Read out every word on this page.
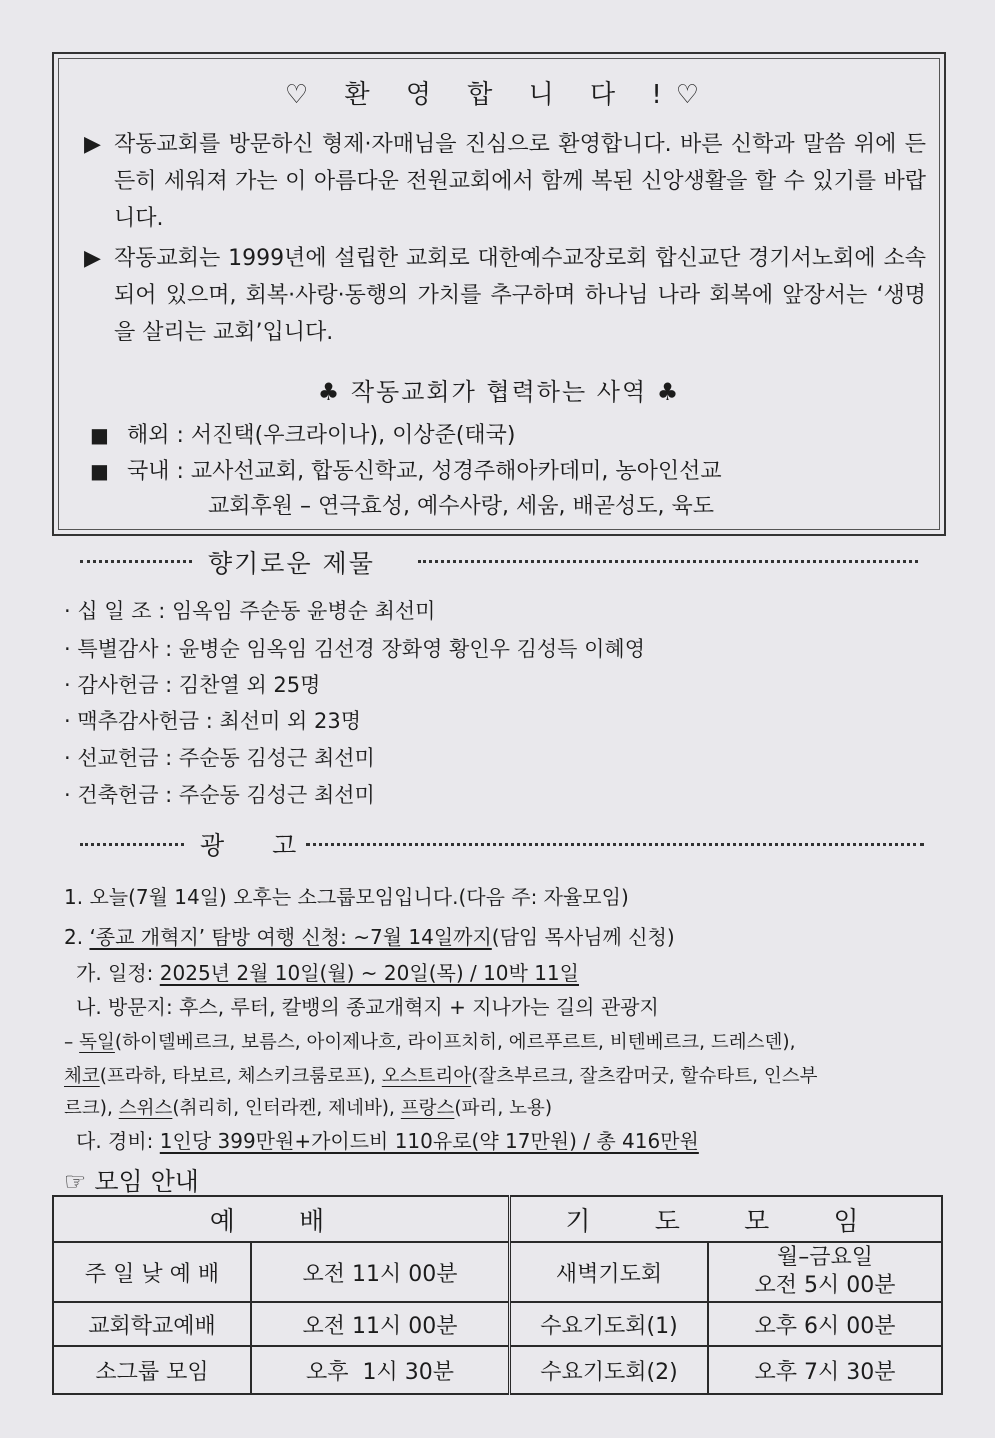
♡ 환 영 합 니 다 !♡
▶ 작동교회를 방문하신 형제·자매님을 진심으로 환영합니다. 바른 신학과 말씀 위에 든든히 세워져 가는 이 아름다운 전원교회에서 함께 복된 신앙생활을 할 수 있기를 바랍니다.
▶ 작동교회는 1999년에 설립한 교회로 대한예수교장로회 합신교단 경기서노회에 소속되어 있으며, 회복·사랑·동행의 가치를 추구하며 하나님 나라 회복에 앞장서는 ‘생명을 살리는 교회’입니다.
♣ 작동교회가 협력하는 사역 ♣
■ 해외 : 서진택(우크라이나), 이상준(태국)
■ 국내 : 교사선교회, 합동신학교, 성경주해아카데미, 농아인선교
교회후원 – 연극효성, 예수사랑, 세움, 배곧성도, 육도
향기로운 제물
· 십 일 조 : 임옥임 주순동 윤병순 최선미
· 특별감사 : 윤병순 임옥임 김선경 장화영 황인우 김성득 이혜영
· 감사헌금 : 김찬열 외 25명
· 맥추감사헌금 : 최선미 외 23명
· 선교헌금 : 주순동 김성근 최선미
· 건축헌금 : 주순동 김성근 최선미
광 고
1. 오늘(7월 14일) 오후는 소그룹모임입니다.(다음 주: 자율모임)
2. ‘종교 개혁지’ 탐방 여행 신청: ~7월 14일까지(담임 목사님께 신청)
가. 일정: 2025년 2월 10일(월) ~ 20일(목) / 10박 11일
나. 방문지: 후스, 루터, 칼뱅의 종교개혁지 + 지나가는 길의 관광지
– 독일(하이델베르크, 보름스, 아이제나흐, 라이프치히, 에르푸르트, 비텐베르크, 드레스덴),
체코(프라하, 타보르, 체스키크룸로프), 오스트리아(잘츠부르크, 잘츠캄머굿, 할슈타트, 인스부
르크), 스위스(취리히, 인터라켄, 제네바), 프랑스(파리, 노용)
다. 경비: 1인당 399만원+가이드비 110유로(약 17만원) / 총 416만원
☞ 모임 안내
예 배		기 도 모 임	
주 일 낮 예 배	오전 11시 00분	새벽기도회	월–금요일
오전 5시 00분
교회학교예배	오전 11시 00분	수요기도회(1)	오후 6시 00분
소그룹 모임	오후  1시 30분	수요기도회(2)	오후 7시 30분
